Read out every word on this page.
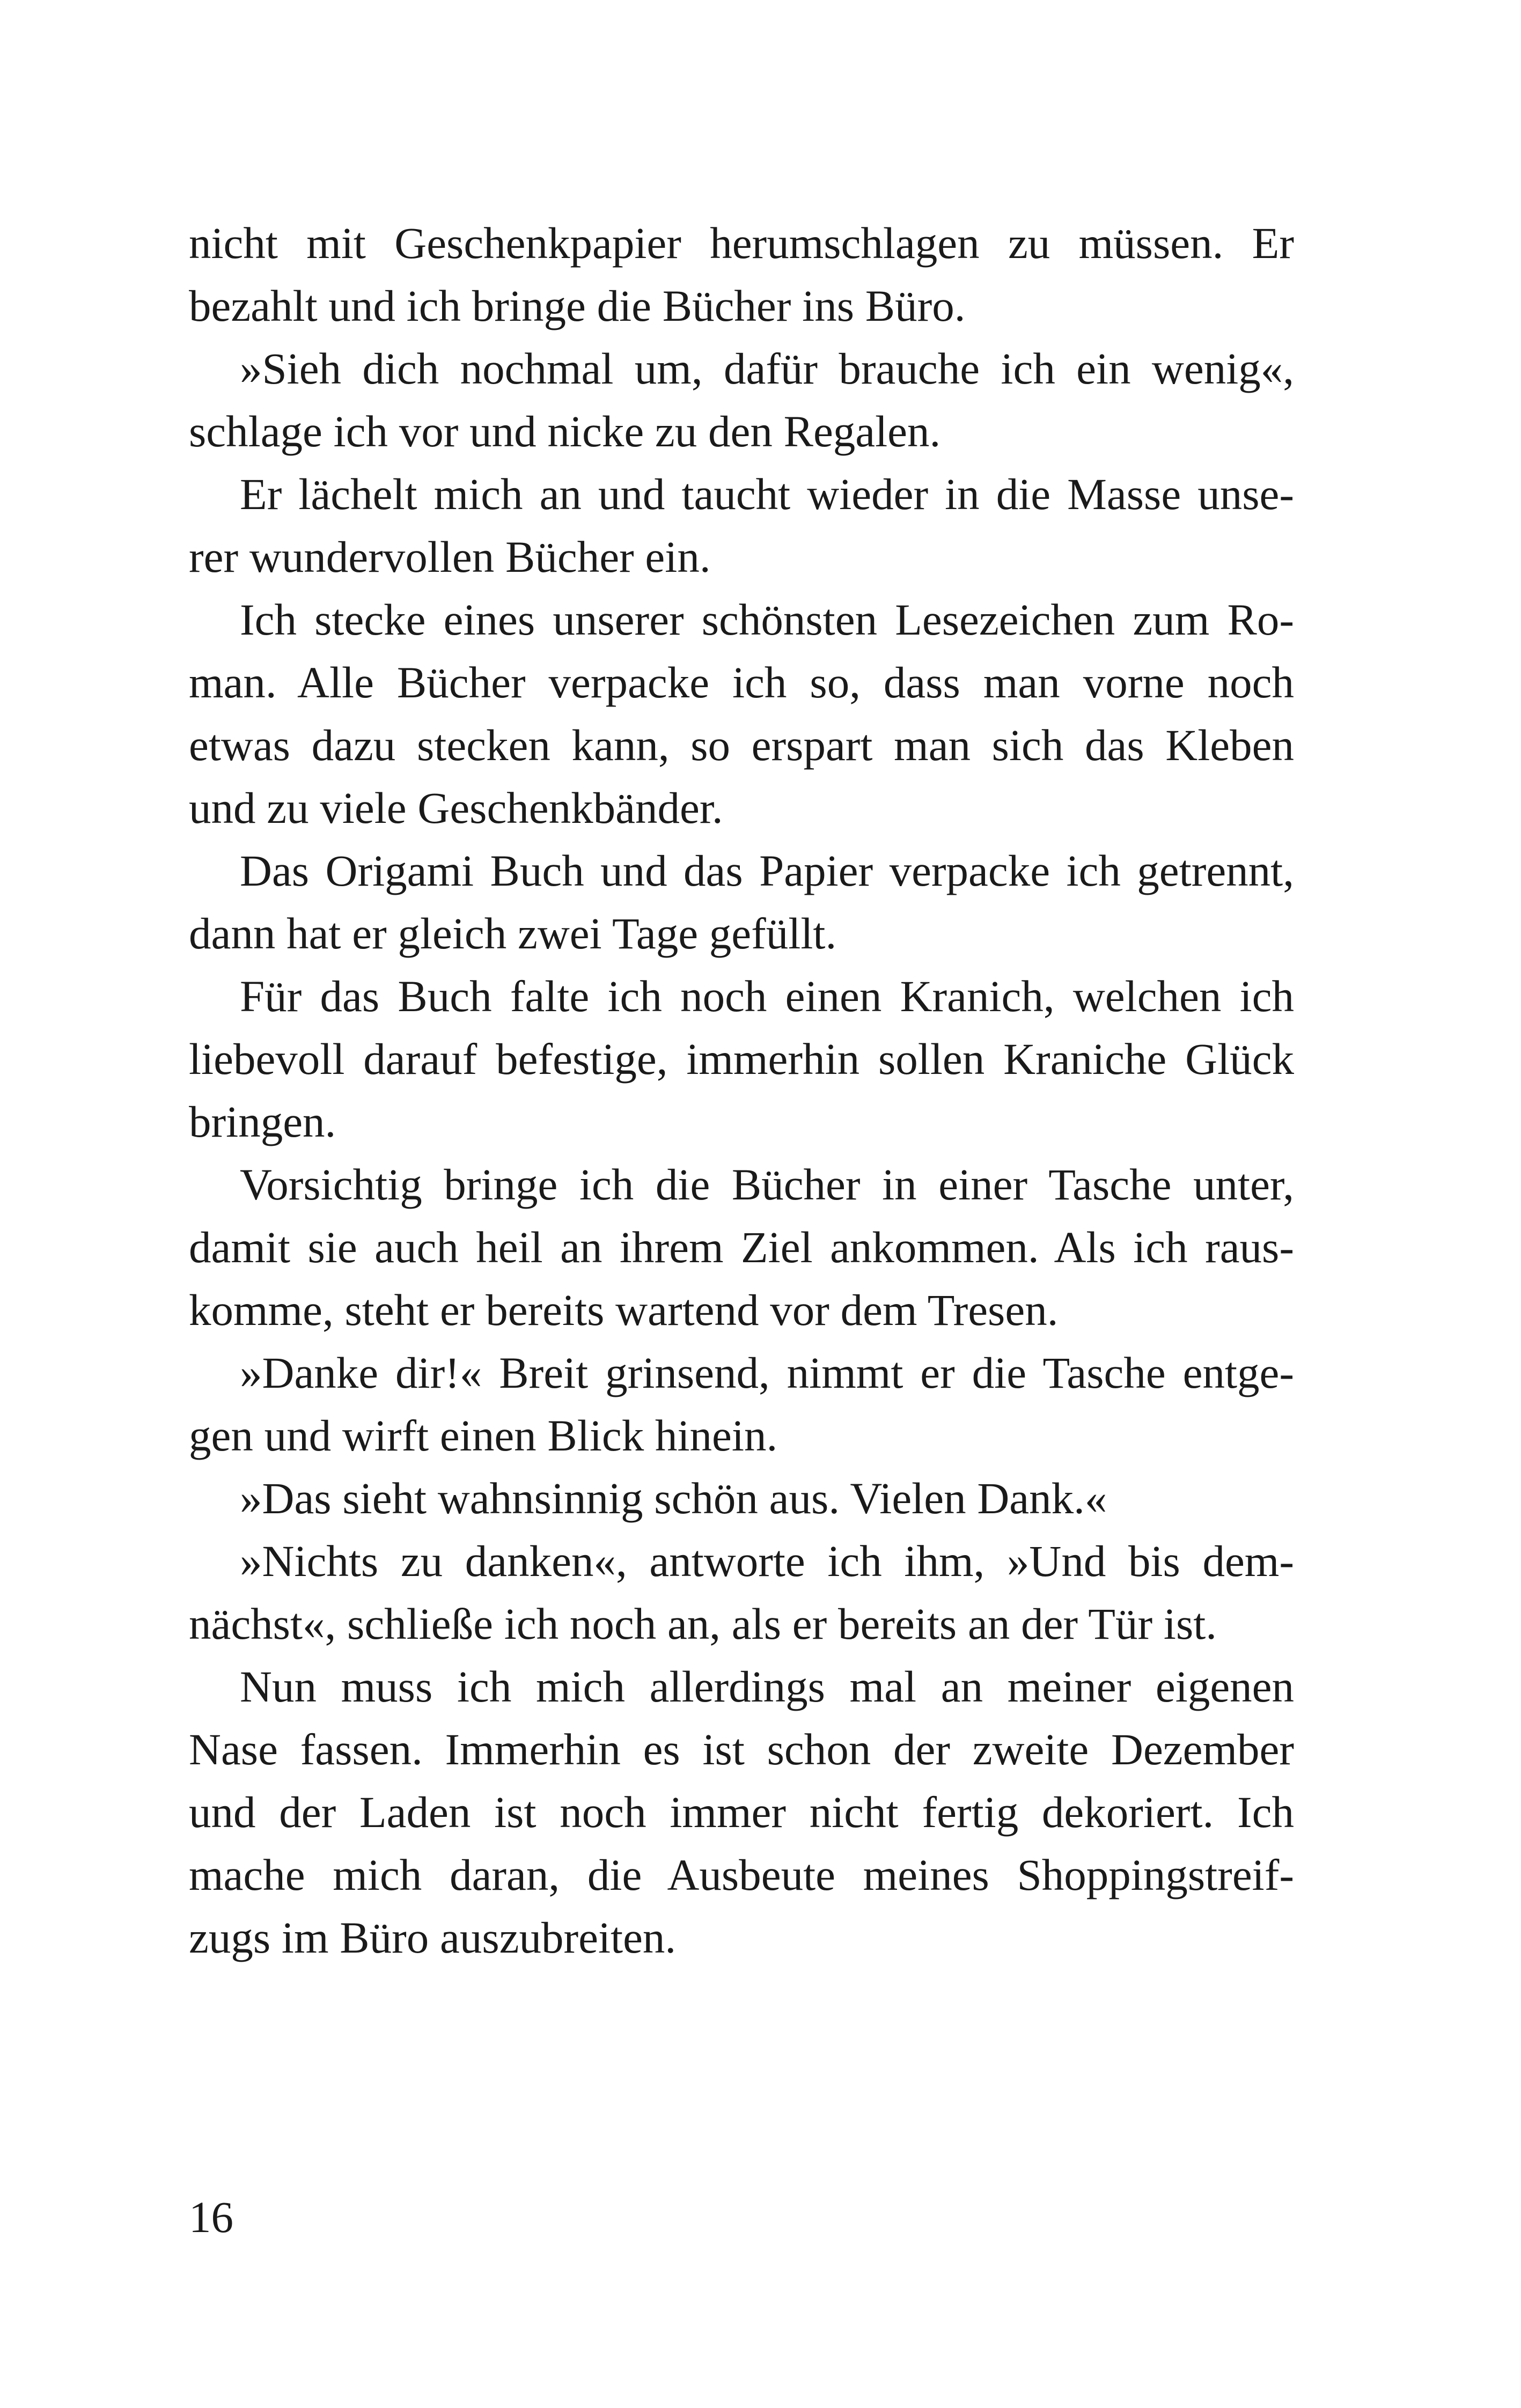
nicht mit Geschenkpapier herumschlagen zu müssen. Er
bezahlt und ich bringe die Bücher ins Büro.
»Sieh dich nochmal um, dafür brauche ich ein wenig«,
schlage ich vor und nicke zu den Regalen.
Er lächelt mich an und taucht wieder in die Masse unse-
rer wundervollen Bücher ein.
Ich stecke eines unserer schönsten Lesezeichen zum Ro-
man. Alle Bücher verpacke ich so, dass man vorne noch
etwas dazu stecken kann, so erspart man sich das Kleben
und zu viele Geschenkbänder.
Das Origami Buch und das Papier verpacke ich getrennt,
dann hat er gleich zwei Tage gefüllt.
Für das Buch falte ich noch einen Kranich, welchen ich
liebevoll darauf befestige, immerhin sollen Kraniche Glück
bringen.
Vorsichtig bringe ich die Bücher in einer Tasche unter,
damit sie auch heil an ihrem Ziel ankommen. Als ich raus-
komme, steht er bereits wartend vor dem Tresen.
»Danke dir!« Breit grinsend, nimmt er die Tasche entge-
gen und wirft einen Blick hinein.
»Das sieht wahnsinnig schön aus. Vielen Dank.«
»Nichts zu danken«, antworte ich ihm, »Und bis dem-
nächst«, schließe ich noch an, als er bereits an der Tür ist.
Nun muss ich mich allerdings mal an meiner eigenen
Nase fassen. Immerhin es ist schon der zweite Dezember
und der Laden ist noch immer nicht fertig dekoriert. Ich
mache mich daran, die Ausbeute meines Shoppingstreif-
zugs im Büro auszubreiten.
16
